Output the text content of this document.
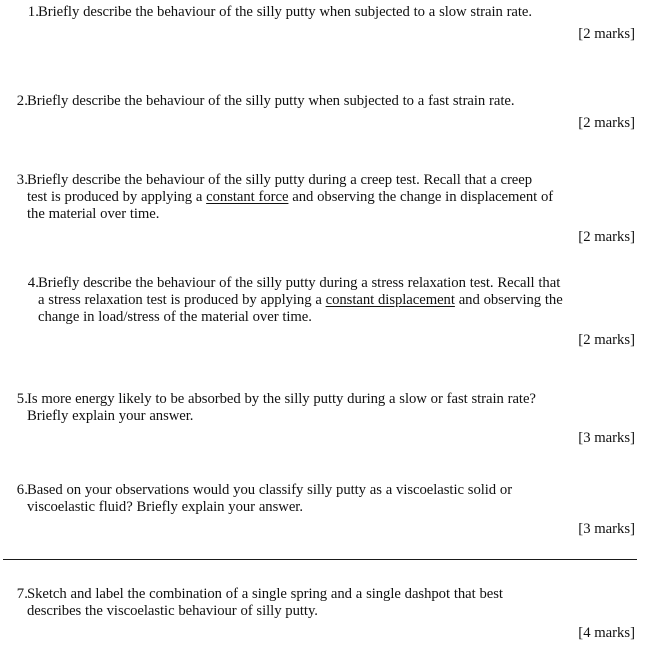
1. Briefly describe the behaviour of the silly putty when subjected to a slow strain rate.
[2 marks]
2. Briefly describe the behaviour of the silly putty when subjected to a fast strain rate.
[2 marks]
3. Briefly describe the behaviour of the silly putty during a creep test. Recall that a creep
test is produced by applying a constant force and observing the change in displacement of
the material over time.
[2 marks]
4. Briefly describe the behaviour of the silly putty during a stress relaxation test. Recall that
a stress relaxation test is produced by applying a constant displacement and observing the
change in load/stress of the material over time.
[2 marks]
5. Is more energy likely to be absorbed by the silly putty during a slow or fast strain rate?
Briefly explain your answer.
[3 marks]
6. Based on your observations would you classify silly putty as a viscoelastic solid or
viscoelastic fluid? Briefly explain your answer.
[3 marks]
7. Sketch and label the combination of a single spring and a single dashpot that best
describes the viscoelastic behaviour of silly putty.
[4 marks]
